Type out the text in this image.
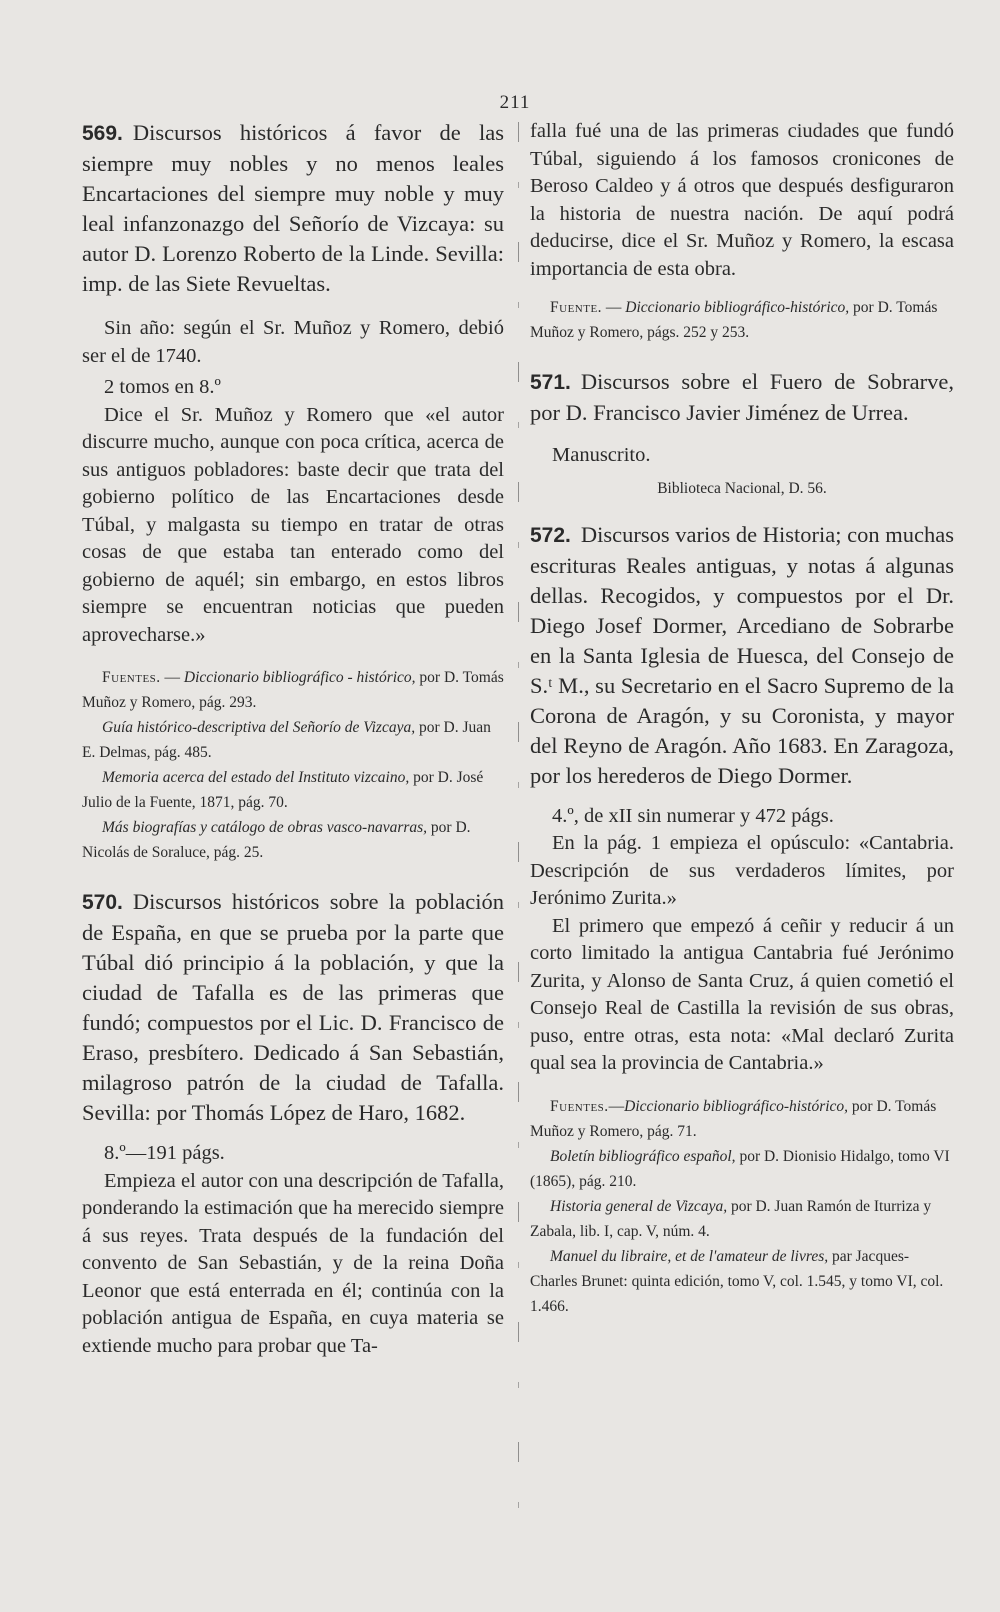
211

569. Discursos históricos á favor de las siempre muy nobles y no menos leales Encartaciones del siempre muy noble y muy leal infanzonazgo del Señorío de Vizcaya: su autor D. Lorenzo Roberto de la Linde. Sevilla: imp. de las Siete Revueltas.

Sin año: según el Sr. Muñoz y Romero, debió ser el de 1740.

2 tomos en 8.º

Dice el Sr. Muñoz y Romero que «el autor discurre mucho, aunque con poca crítica, acerca de sus antiguos pobladores: baste decir que trata del gobierno político de las Encartaciones desde Túbal, y malgasta su tiempo en tratar de otras cosas de que estaba tan enterado como del gobierno de aquél; sin embargo, en estos libros siempre se encuentran noticias que pueden aprovecharse.»

Fuentes. — Diccionario bibliográfico - histórico, por D. Tomás Muñoz y Romero, pág. 293.
Guía histórico-descriptiva del Señorío de Vizcaya, por D. Juan E. Delmas, pág. 485.
Memoria acerca del estado del Instituto vizcaino, por D. José Julio de la Fuente, 1871, pág. 70.
Más biografías y catálogo de obras vasco-navarras, por D. Nicolás de Soraluce, pág. 25.

570. Discursos históricos sobre la población de España, en que se prueba por la parte que Túbal dió principio á la población, y que la ciudad de Tafalla es de las primeras que fundó; compuestos por el Lic. D. Francisco de Eraso, presbítero. Dedicado á San Sebastián, milagroso patrón de la ciudad de Tafalla. Sevilla: por Thomás López de Haro, 1682.

8.º—191 págs.

Empieza el autor con una descripción de Tafalla, ponderando la estimación que ha merecido siempre á sus reyes. Trata después de la fundación del convento de San Sebastián, y de la reina Doña Leonor que está enterrada en él; continúa con la población antigua de España, en cuya materia se extiende mucho para probar que Ta-

falla fué una de las primeras ciudades que fundó Túbal, siguiendo á los famosos cronicones de Beroso Caldeo y á otros que después desfiguraron la historia de nuestra nación. De aquí podrá deducirse, dice el Sr. Muñoz y Romero, la escasa importancia de esta obra.

Fuente. — Diccionario bibliográfico-histórico, por D. Tomás Muñoz y Romero, págs. 252 y 253.

571. Discursos sobre el Fuero de Sobrarve, por D. Francisco Javier Jiménez de Urrea.

Manuscrito.

Biblioteca Nacional, D. 56.

572. Discursos varios de Historia; con muchas escrituras Reales antiguas, y notas á algunas dellas. Recogidos, y compuestos por el Dr. Diego Josef Dormer, Arcediano de Sobrarbe en la Santa Iglesia de Huesca, del Consejo de S.ᵗ M., su Secretario en el Sacro Supremo de la Corona de Aragón, y su Coronista, y mayor del Reyno de Aragón. Año 1683. En Zaragoza, por los herederos de Diego Dormer.

4.º, de xII sin numerar y 472 págs.

En la pág. 1 empieza el opúsculo: «Cantabria. Descripción de sus verdaderos límites, por Jerónimo Zurita.»

El primero que empezó á ceñir y reducir á un corto limitado la antigua Cantabria fué Jerónimo Zurita, y Alonso de Santa Cruz, á quien cometió el Consejo Real de Castilla la revisión de sus obras, puso, entre otras, esta nota: «Mal declaró Zurita qual sea la provincia de Cantabria.»

Fuentes.—Diccionario bibliográfico-histórico, por D. Tomás Muñoz y Romero, pág. 71.
Boletín bibliográfico español, por D. Dionisio Hidalgo, tomo VI (1865), pág. 210.
Historia general de Vizcaya, por D. Juan Ramón de Iturriza y Zabala, lib. I, cap. V, núm. 4.
Manuel du libraire, et de l'amateur de livres, par Jacques-Charles Brunet: quinta edición, tomo V, col. 1.545, y tomo VI, col. 1.466.
